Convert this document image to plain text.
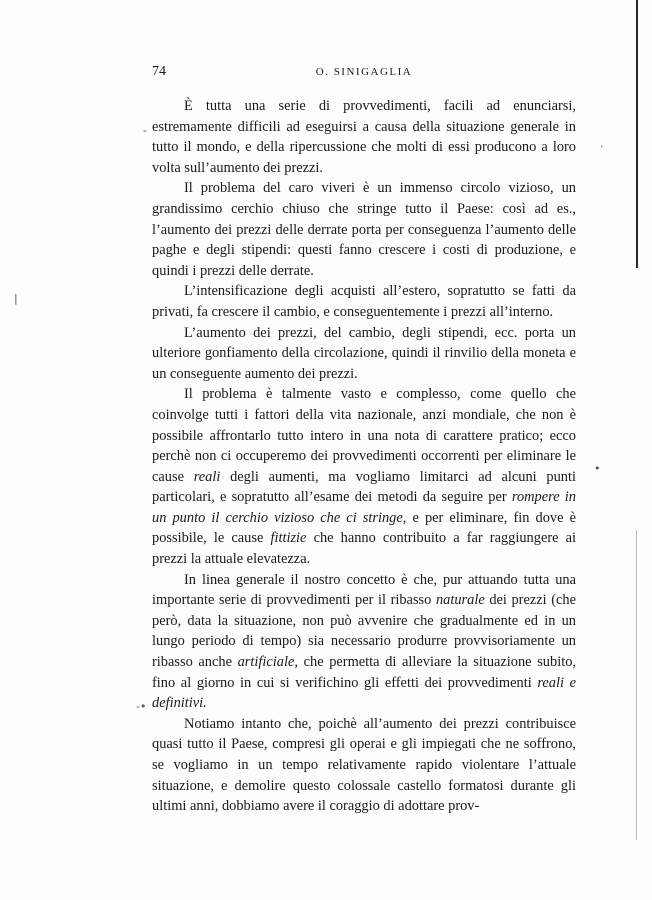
74	O. SINIGAGLIA

È tutta una serie di provvedimenti, facili ad enunciarsi, estremamente difficili ad eseguirsi a causa della situazione generale in tutto il mondo, e della ripercussione che molti di essi producono a loro volta sull’aumento dei prezzi.

Il problema del caro viveri è un immenso circolo vizioso, un grandissimo cerchio chiuso che stringe tutto il Paese: così ad es., l’aumento dei prezzi delle derrate porta per conseguenza l’aumento delle paghe e degli stipendi: questi fanno crescere i costi di produzione, e quindi i prezzi delle derrate.

L’intensificazione degli acquisti all’estero, sopratutto se fatti da privati, fa crescere il cambio, e conseguentemente i prezzi all’interno.

L’aumento dei prezzi, del cambio, degli stipendi, ecc. porta un ulteriore gonfiamento della circolazione, quindi il rinvilio della moneta e un conseguente aumento dei prezzi.

Il problema è talmente vasto e complesso, come quello che coinvolge tutti i fattori della vita nazionale, anzi mondiale, che non è possibile affrontarlo tutto intero in una nota di carattere pratico; ecco perchè non ci occuperemo dei provvedimenti occorrenti per eliminare le cause reali degli aumenti, ma vogliamo limitarci ad alcuni punti particolari, e sopratutto all’esame dei metodi da seguire per rompere in un punto il cerchio vizioso che ci stringe, e per eliminare, fin dove è possibile, le cause fittizie che hanno contribuito a far raggiungere ai prezzi la attuale elevatezza.

In linea generale il nostro concetto è che, pur attuando tutta una importante serie di provvedimenti per il ribasso naturale dei prezzi (che però, data la situazione, non può avvenire che gradualmente ed in un lungo periodo di tempo) sia necessario produrre provvisoriamente un ribasso anche artificiale, che permetta di alleviare la situazione subito, fino al giorno in cui si verifichino gli effetti dei provvedimenti reali e definitivi.

Notiamo intanto che, poichè all’aumento dei prezzi contribuisce quasi tutto il Paese, compresi gli operai e gli impiegati che ne soffrono, se vogliamo in un tempo relativamente rapido violentare l’attuale situazione, e demolire questo colossale castello formatosi durante gli ultimi anni, dobbiamo avere il coraggio di adottare prov-

-
·
|
•
-•
